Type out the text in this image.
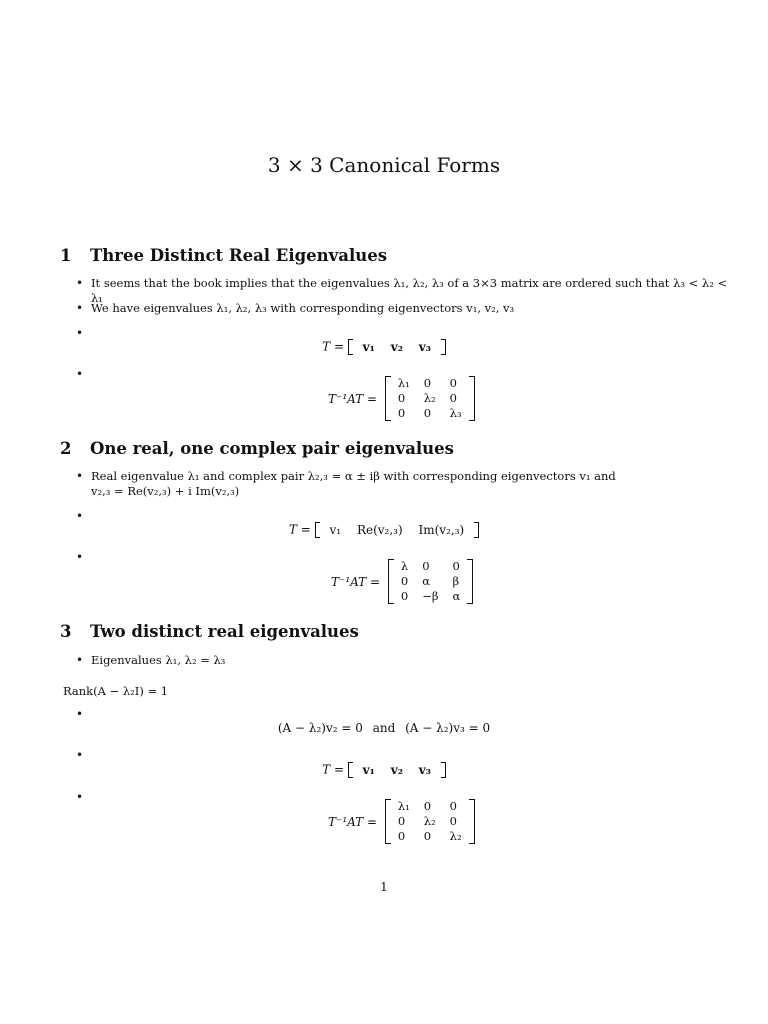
3 × 3 Canonical Forms
1 Three Distinct Real Eigenvalues
• It seems that the book implies that the eigenvalues λ₁, λ₂, λ₃ of a 3×3 matrix are ordered such that λ₃ < λ₂ < λ₁
• We have eigenvalues λ₁, λ₂, λ₃ with corresponding eigenvectors v₁, v₂, v₃
•
T = v₁ v₂ v₃
•
T⁻¹AT =
λ₁	0	0
0	λ₂	0
0	0	λ₃
2 One real, one complex pair eigenvalues
• Real eigenvalue λ₁ and complex pair λ₂,₃ = α ± iβ with corresponding eigenvectors v₁ and
v₂,₃ = Re(v₂,₃) + i Im(v₂,₃)
•
T = v₁ Re(v₂,₃) Im(v₂,₃)
•
T⁻¹AT =
λ	0	0
0	α	β
0	−β	α
3 Two distinct real eigenvalues
• Eigenvalues λ₁, λ₂ = λ₃
Rank(A − λ₂I) = 1
•
(A − λ₂)v₂ = 0 and (A − λ₂)v₃ = 0
•
T = v₁ v₂ v₃
•
T⁻¹AT =
λ₁	0	0
0	λ₂	0
0	0	λ₂
1
